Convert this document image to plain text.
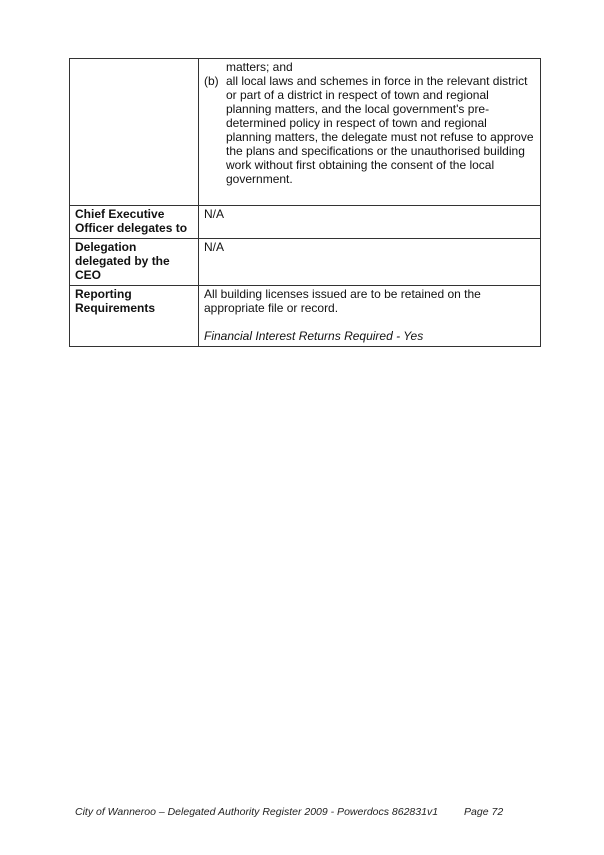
	matters; and
(b) all local laws and schemes in force in the relevant district or part of a district in respect of town and regional planning matters, and the local government's pre-determined policy in respect of town and regional planning matters, the delegate must not refuse to approve the plans and specifications or the unauthorised building work without first obtaining the consent of the local government.

Chief Executive Officer delegates to	N/A
Delegation delegated by the CEO	N/A
Reporting Requirements	All building licenses issued are to be retained on the appropriate file or record.
Financial Interest Returns Required - Yes
City of Wanneroo – Delegated Authority Register 2009 - Powerdocs 862831v1 Page 72
